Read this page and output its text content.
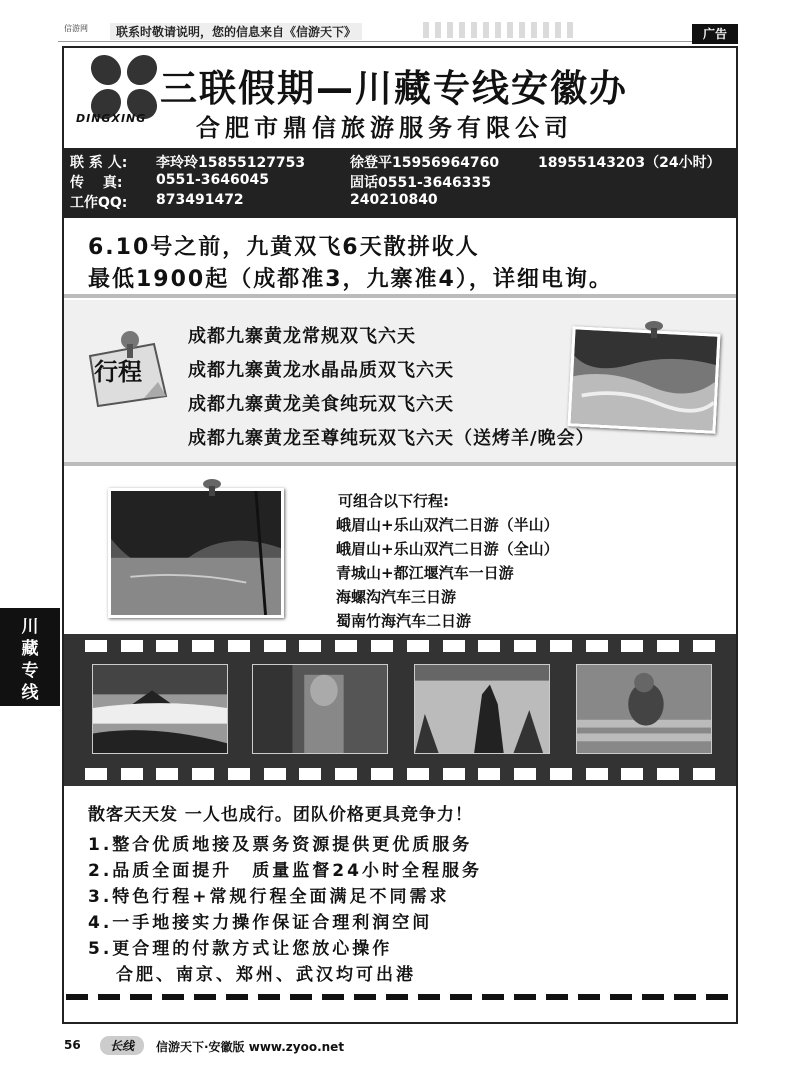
信游网	联系时敬请说明，您的信息来自《信游天下》	广告
DINGXING
三联假期—川藏专线安徽办
合肥市鼎信旅游服务有限公司
联 系 人: 李玲玲15855127753	徐登平15956964760	18955143203（24小时）
传　 真: 0551-3646045	固话0551-3646335
工作QQ: 873491472	240210840
6.10号之前，九黄双飞6天散拼收人
最低1900起（成都准3，九寨准4），详细电询。
行程
成都九寨黄龙常规双飞六天
成都九寨黄龙水晶品质双飞六天
成都九寨黄龙美食纯玩双飞六天
成都九寨黄龙至尊纯玩双飞六天（送烤羊/晚会）
可组合以下行程:
峨眉山+乐山双汽二日游（半山）
峨眉山+乐山双汽二日游（全山）
青城山+都江堰汽车一日游
海螺沟汽车三日游
蜀南竹海汽车二日游
散客天天发 一人也成行。团队价格更具竞争力！
1.整合优质地接及票务资源提供更优质服务
2.品质全面提升　质量监督24小时全程服务
3.特色行程+常规行程全面满足不同需求
4.一手地接实力操作保证合理利润空间
5.更合理的付款方式让您放心操作
合肥、南京、郑州、武汉均可出港
川
藏
专
线
56	长线	信游天下·安徽版 www.zyoo.net
